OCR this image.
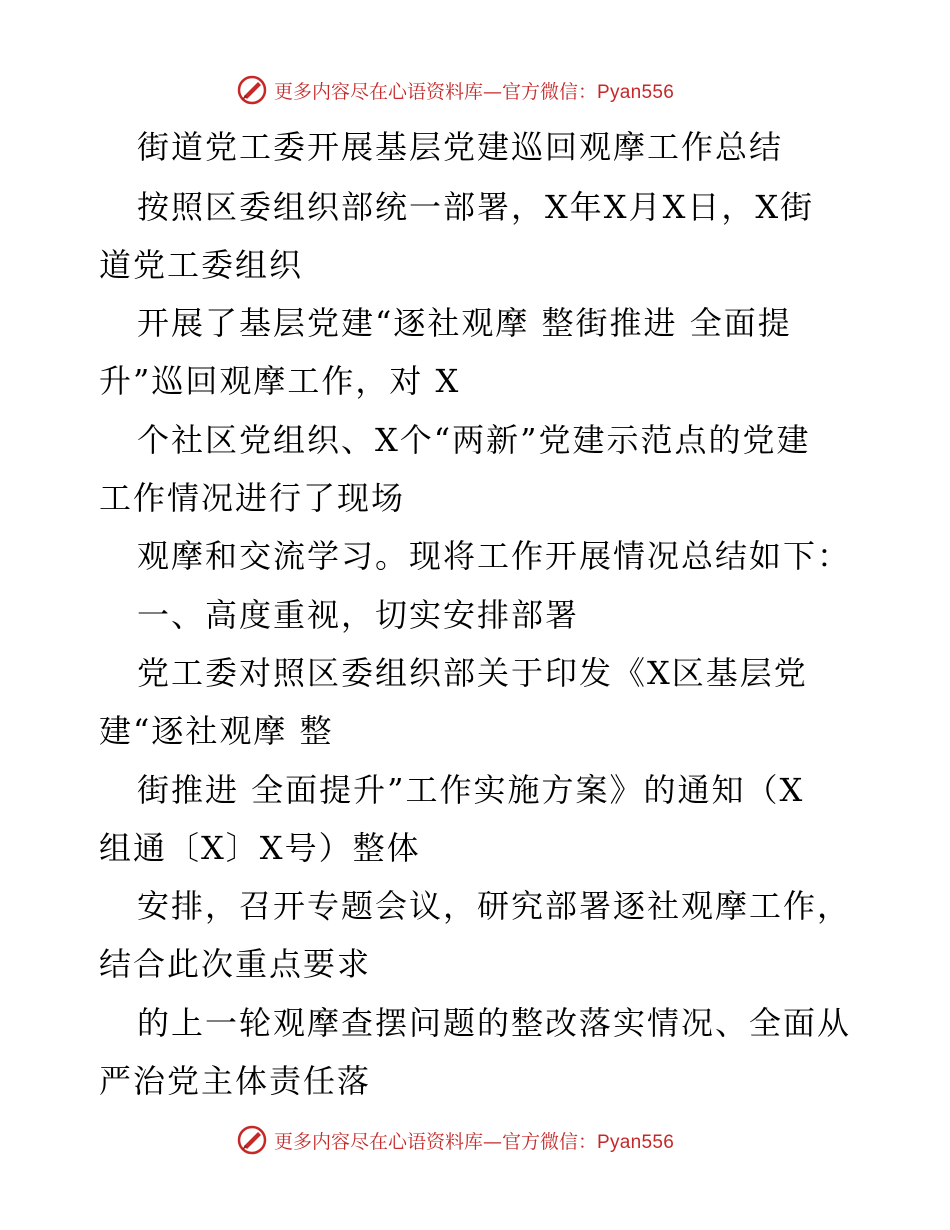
更多内容尽在心语资料库—官方微信：Pyan556
街道党工委开展基层党建巡回观摩工作总结
按照区委组织部统一部署，X年X月X日，X街
道党工委组织
开展了基层党建“逐社观摩 整街推进 全面提
升”巡回观摩工作，对 X
个社区党组织、X个“两新”党建示范点的党建
工作情况进行了现场
观摩和交流学习。现将工作开展情况总结如下：
一、高度重视，切实安排部署
党工委对照区委组织部关于印发《X区基层党
建“逐社观摩 整
街推进 全面提升”工作实施方案》的通知（X
组通〔X〕X号）整体
安排，召开专题会议，研究部署逐社观摩工作，
结合此次重点要求
的上一轮观摩查摆问题的整改落实情况、全面从
严治党主体责任落
更多内容尽在心语资料库—官方微信：Pyan556
